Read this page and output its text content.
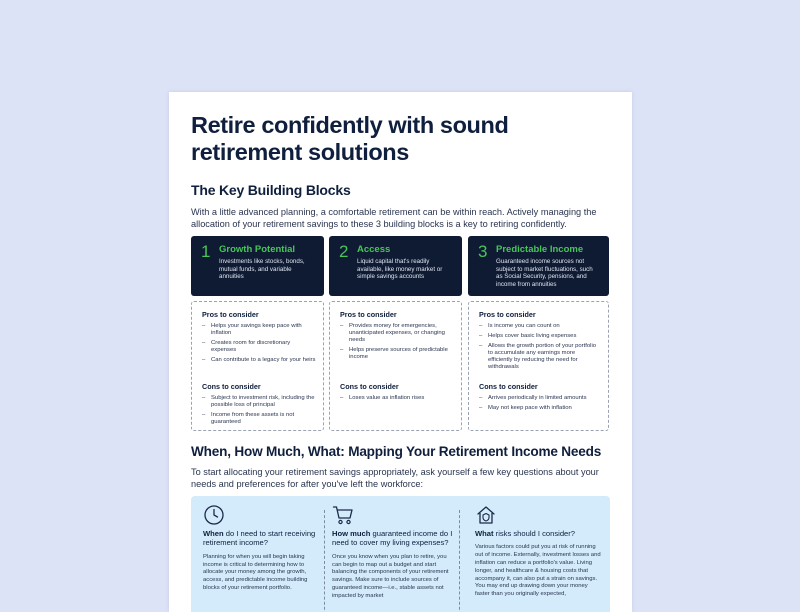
Retire confidently with sound retirement solutions
The Key Building Blocks

With a little advanced planning, a comfortable retirement can be within reach. Actively managing the allocation of your retirement savings to these 3 building blocks is a key to retiring confidently.

1 Growth Potential
Investments like stocks, bonds, mutual funds, and variable annuities
2 Access
Liquid capital that's readily available, like money market or simple savings accounts
3 Predictable Income
Guaranteed income sources not subject to market fluctuations, such as Social Security, pensions, and income from annuities
Pros to consider
– Helps your savings keep pace with inflation
– Creates room for discretionary expenses
– Can contribute to a legacy for your heirs
Cons to consider
– Subject to investment risk, including the possible loss of principal
– Income from these assets is not guaranteed
Pros to consider
– Provides money for emergencies, unanticipated expenses, or changing needs
– Helps preserve sources of predictable income
Cons to consider
– Loses value as inflation rises
Pros to consider
– Is income you can count on
– Helps cover basic living expenses
– Allows the growth portion of your portfolio to accumulate any earnings more efficiently by reducing the need for withdrawals
Cons to consider
– Arrives periodically in limited amounts
– May not keep pace with inflation
When, How Much, What: Mapping Your Retirement Income Needs

To start allocating your retirement savings appropriately, ask yourself a few key questions about your needs and preferences for after you've left the workforce:

When do I need to start receiving retirement income?

Planning for when you will begin taking income is critical to determining how to allocate your money among the growth, access, and predictable income building blocks of your retirement portfolio.

How much guaranteed income do I need to cover my living expenses?

Once you know when you plan to retire, you can begin to map out a budget and start balancing the components of your retirement savings. Make sure to include sources of guaranteed income—i.e., stable assets not impacted by market

What risks should I consider?

Various factors could put you at risk of running out of income. Externally, investment losses and inflation can reduce a portfolio's value. Living longer, and healthcare & housing costs that accompany it, can also put a strain on savings. You may end up drawing down your money faster than you originally expected,
